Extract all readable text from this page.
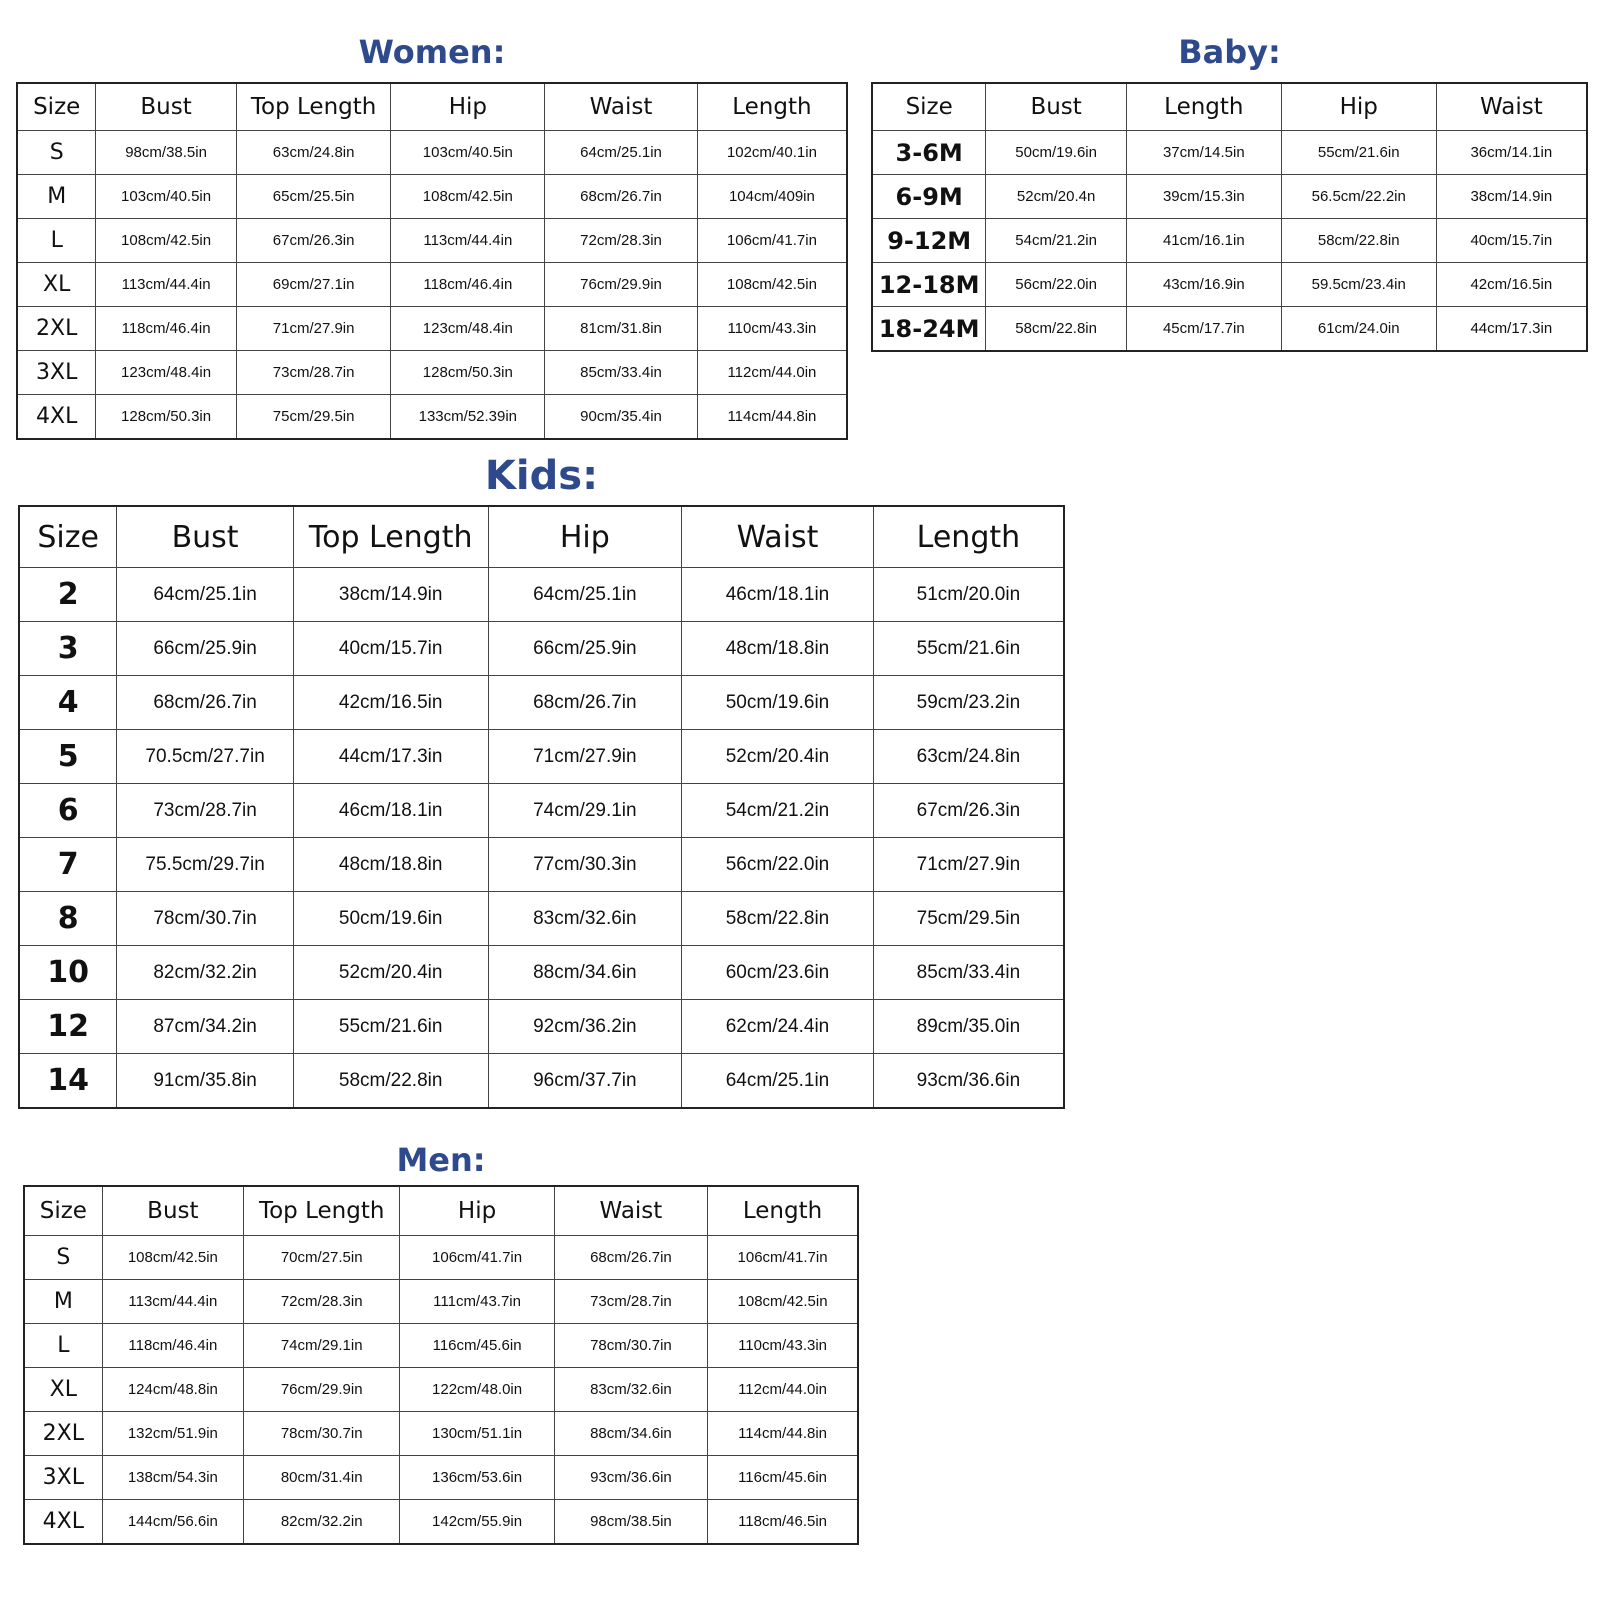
Women:
Size	Bust	Top Length	Hip	Waist	Length
S	98cm/38.5in	63cm/24.8in	103cm/40.5in	64cm/25.1in	102cm/40.1in
M	103cm/40.5in	65cm/25.5in	108cm/42.5in	68cm/26.7in	104cm/409in
L	108cm/42.5in	67cm/26.3in	113cm/44.4in	72cm/28.3in	106cm/41.7in
XL	113cm/44.4in	69cm/27.1in	118cm/46.4in	76cm/29.9in	108cm/42.5in
2XL	118cm/46.4in	71cm/27.9in	123cm/48.4in	81cm/31.8in	110cm/43.3in
3XL	123cm/48.4in	73cm/28.7in	128cm/50.3in	85cm/33.4in	112cm/44.0in
4XL	128cm/50.3in	75cm/29.5in	133cm/52.39in	90cm/35.4in	114cm/44.8in
Baby:
Size	Bust	Length	Hip	Waist
3-6M	50cm/19.6in	37cm/14.5in	55cm/21.6in	36cm/14.1in
6-9M	52cm/20.4n	39cm/15.3in	56.5cm/22.2in	38cm/14.9in
9-12M	54cm/21.2in	41cm/16.1in	58cm/22.8in	40cm/15.7in
12-18M	56cm/22.0in	43cm/16.9in	59.5cm/23.4in	42cm/16.5in
18-24M	58cm/22.8in	45cm/17.7in	61cm/24.0in	44cm/17.3in
Kids:
Size	Bust	Top Length	Hip	Waist	Length
2	64cm/25.1in	38cm/14.9in	64cm/25.1in	46cm/18.1in	51cm/20.0in
3	66cm/25.9in	40cm/15.7in	66cm/25.9in	48cm/18.8in	55cm/21.6in
4	68cm/26.7in	42cm/16.5in	68cm/26.7in	50cm/19.6in	59cm/23.2in
5	70.5cm/27.7in	44cm/17.3in	71cm/27.9in	52cm/20.4in	63cm/24.8in
6	73cm/28.7in	46cm/18.1in	74cm/29.1in	54cm/21.2in	67cm/26.3in
7	75.5cm/29.7in	48cm/18.8in	77cm/30.3in	56cm/22.0in	71cm/27.9in
8	78cm/30.7in	50cm/19.6in	83cm/32.6in	58cm/22.8in	75cm/29.5in
10	82cm/32.2in	52cm/20.4in	88cm/34.6in	60cm/23.6in	85cm/33.4in
12	87cm/34.2in	55cm/21.6in	92cm/36.2in	62cm/24.4in	89cm/35.0in
14	91cm/35.8in	58cm/22.8in	96cm/37.7in	64cm/25.1in	93cm/36.6in
Men:
Size	Bust	Top Length	Hip	Waist	Length
S	108cm/42.5in	70cm/27.5in	106cm/41.7in	68cm/26.7in	106cm/41.7in
M	113cm/44.4in	72cm/28.3in	111cm/43.7in	73cm/28.7in	108cm/42.5in
L	118cm/46.4in	74cm/29.1in	116cm/45.6in	78cm/30.7in	110cm/43.3in
XL	124cm/48.8in	76cm/29.9in	122cm/48.0in	83cm/32.6in	112cm/44.0in
2XL	132cm/51.9in	78cm/30.7in	130cm/51.1in	88cm/34.6in	114cm/44.8in
3XL	138cm/54.3in	80cm/31.4in	136cm/53.6in	93cm/36.6in	116cm/45.6in
4XL	144cm/56.6in	82cm/32.2in	142cm/55.9in	98cm/38.5in	118cm/46.5in
